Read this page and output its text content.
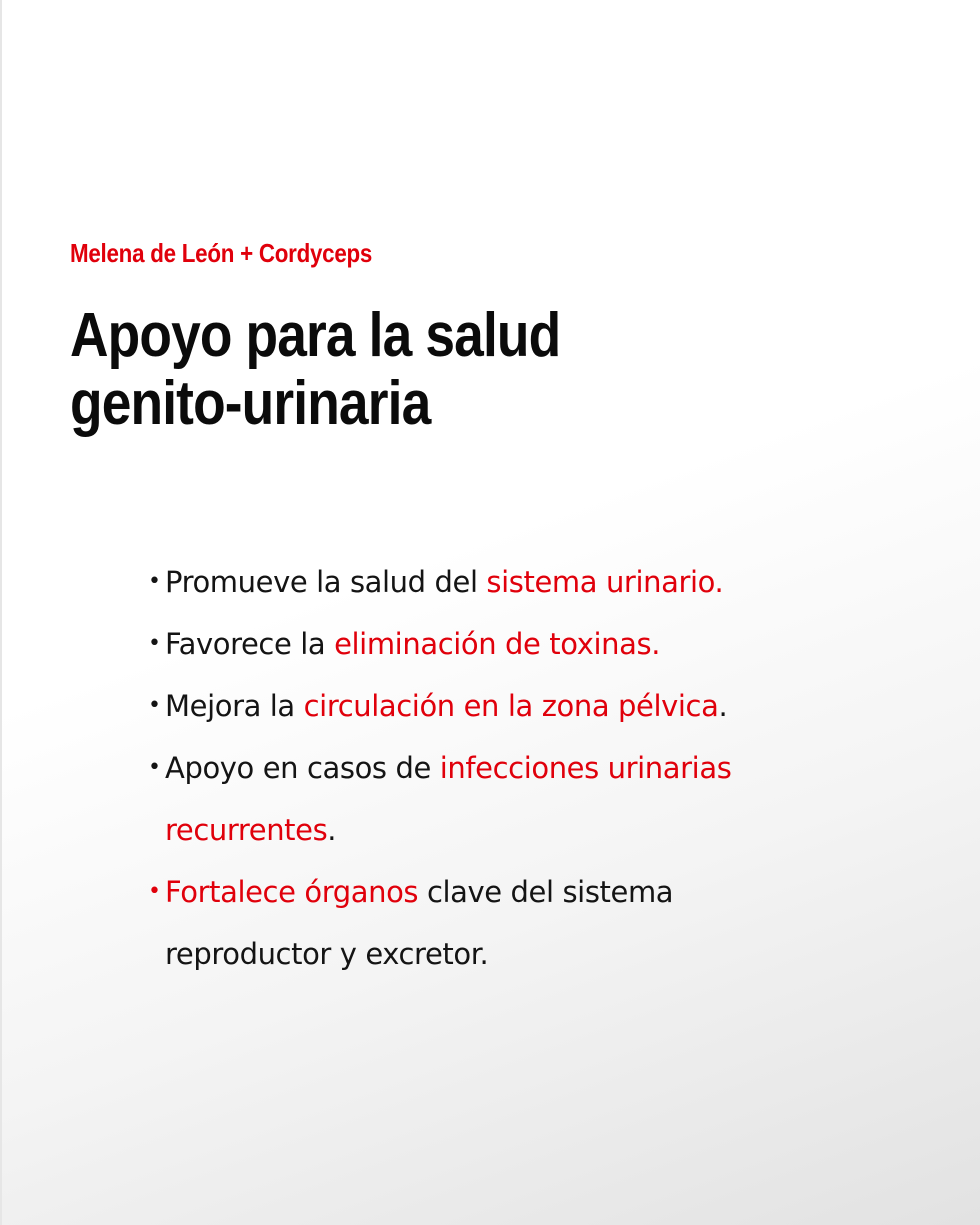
Melena de León + Cordyceps

Apoyo para la salud
genito-urinaria
• Promueve la salud del sistema urinario.
• Favorece la eliminación de toxinas.
• Mejora la circulación en la zona pélvica.
• Apoyo en casos de infecciones urinarias
recurrentes.
• Fortalece órganos clave del sistema
reproductor y excretor.
